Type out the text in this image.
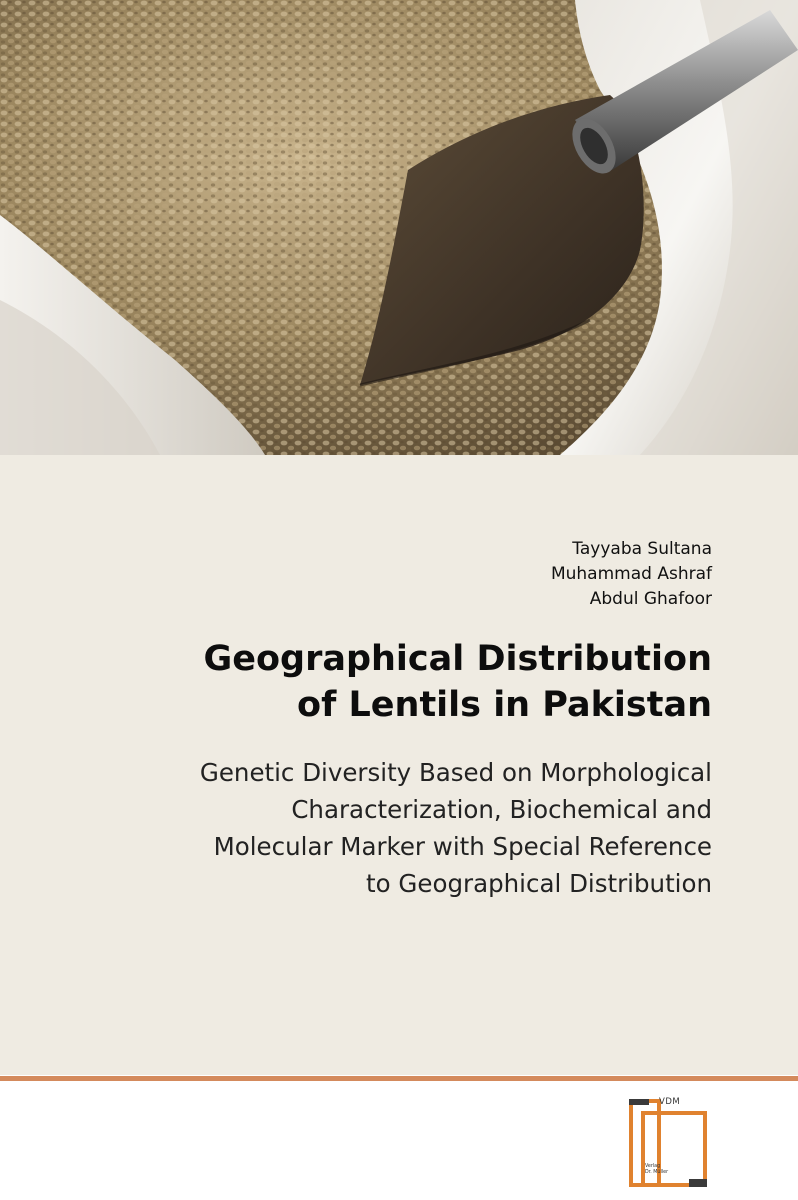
Tayyaba Sultana
Muhammad Ashraf
Abdul Ghafoor
Geographical Distribution
of Lentils in Pakistan
Genetic Diversity Based on Morphological
Characterization, Biochemical and
Molecular Marker with Special Reference
to Geographical Distribution
VDM
Verlag
Dr. Müller
